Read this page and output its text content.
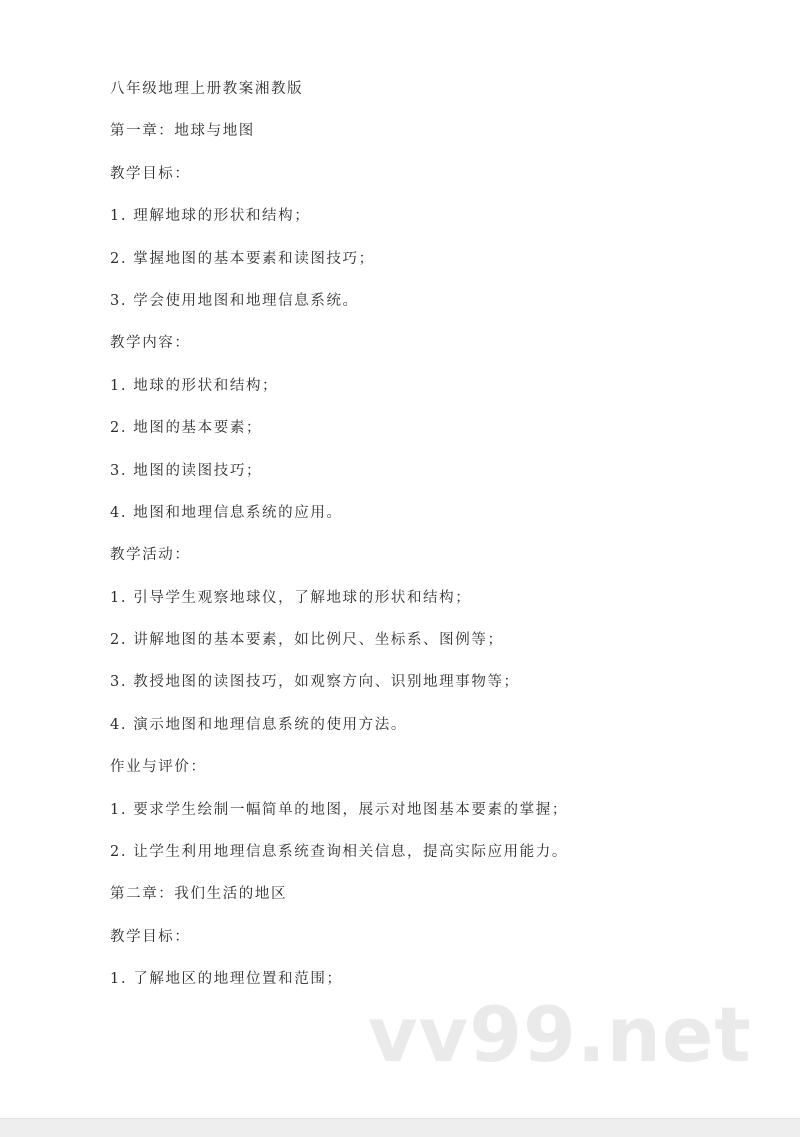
八年级地理上册教案湘教版
第一章：地球与地图
教学目标：
1. 理解地球的形状和结构；
2. 掌握地图的基本要素和读图技巧；
3. 学会使用地图和地理信息系统。
教学内容：
1. 地球的形状和结构；
2. 地图的基本要素；
3. 地图的读图技巧；
4. 地图和地理信息系统的应用。
教学活动：
1. 引导学生观察地球仪，了解地球的形状和结构；
2. 讲解地图的基本要素，如比例尺、坐标系、图例等；
3. 教授地图的读图技巧，如观察方向、识别地理事物等；
4. 演示地图和地理信息系统的使用方法。
作业与评价：
1. 要求学生绘制一幅简单的地图，展示对地图基本要素的掌握；
2. 让学生利用地理信息系统查询相关信息，提高实际应用能力。
第二章：我们生活的地区
教学目标：
1. 了解地区的地理位置和范围；
vv99.net
